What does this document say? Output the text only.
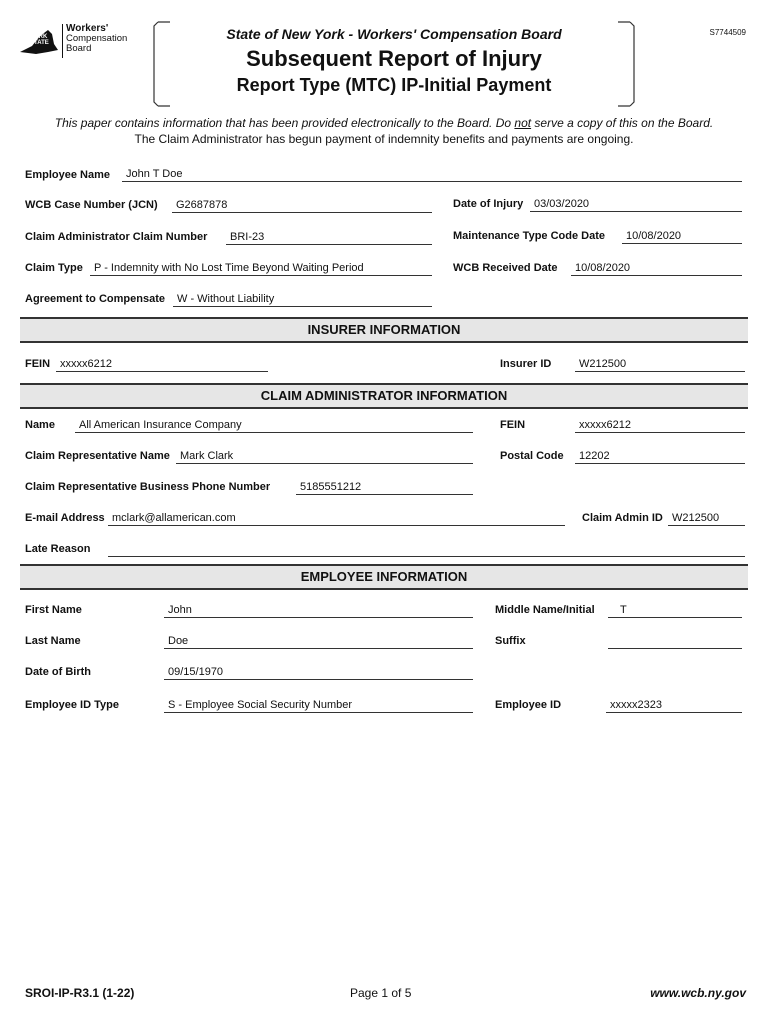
NEW
YORK
STATE
Workers'
Compensation
Board
State of New York - Workers' Compensation Board
Subsequent Report of Injury
Report Type (MTC) IP-Initial Payment
S7744509
This paper contains information that has been provided electronically to the Board. Do not serve a copy of this on the Board.
The Claim Administrator has begun payment of indemnity benefits and payments are ongoing.
Employee Name	John T Doe
WCB Case Number (JCN)	G2687878	Date of Injury 03/03/2020
Claim Administrator Claim Number	BRI-23	Maintenance Type Code Date	10/08/2020
Claim Type	P - Indemnity with No Lost Time Beyond Waiting Period	WCB Received Date	10/08/2020
Agreement to Compensate	W - Without Liability
INSURER INFORMATION
FEIN xxxxx6212	Insurer ID	W212500
CLAIM ADMINISTRATOR INFORMATION
Name	All American Insurance Company	FEIN	xxxxx6212
Claim Representative Name Mark Clark	Postal Code	12202
Claim Representative Business Phone Number	5185551212
E-mail Address mclark@allamerican.com	Claim Admin ID W212500
Late Reason
EMPLOYEE INFORMATION
First Name	John	Middle Name/Initial	T
Last Name	Doe	Suffix
Date of Birth	09/15/1970
Employee ID Type	S - Employee Social Security Number	Employee ID	xxxxx2323
SROI-IP-R3.1 (1-22)	Page 1 of 5	www.wcb.ny.gov
